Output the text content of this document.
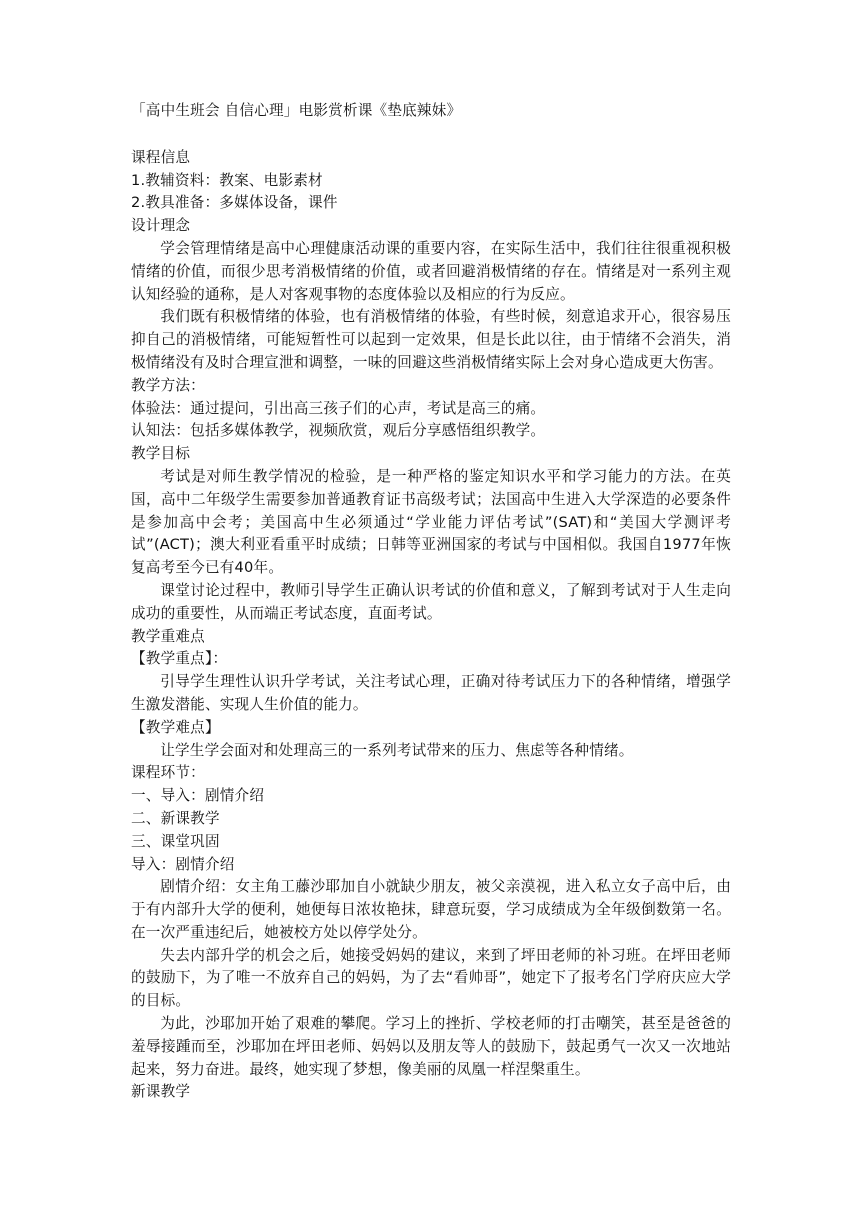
「高中生班会 自信心理」电影赏析课《垫底辣妹》

课程信息

1.教辅资料：教案、电影素材

2.教具准备：多媒体设备，课件

设计理念

学会管理情绪是高中心理健康活动课的重要内容，在实际生活中，我们往往很重视积极情绪的价值，而很少思考消极情绪的价值，或者回避消极情绪的存在。情绪是对一系列主观认知经验的通称，是人对客观事物的态度体验以及相应的行为反应。

我们既有积极情绪的体验，也有消极情绪的体验，有些时候，刻意追求开心，很容易压抑自己的消极情绪，可能短暂性可以起到一定效果，但是长此以往，由于情绪不会消失，消极情绪没有及时合理宣泄和调整，一味的回避这些消极情绪实际上会对身心造成更大伤害。

教学方法：

体验法：通过提问，引出高三孩子们的心声，考试是高三的痛。

认知法：包括多媒体教学，视频欣赏，观后分享感悟组织教学。

教学目标

考试是对师生教学情况的检验，是一种严格的鉴定知识水平和学习能力的方法。在英国，高中二年级学生需要参加普通教育证书高级考试；法国高中生进入大学深造的必要条件是参加高中会考；美国高中生必须通过“学业能力评估考试”(SAT)和“美国大学测评考试”(ACT)；澳大利亚看重平时成绩；日韩等亚洲国家的考试与中国相似。我国自1977年恢复高考至今已有40年。

课堂讨论过程中，教师引导学生正确认识考试的价值和意义，了解到考试对于人生走向成功的重要性，从而端正考试态度，直面考试。

教学重难点

【教学重点】：

引导学生理性认识升学考试，关注考试心理，正确对待考试压力下的各种情绪，增强学生激发潜能、实现人生价值的能力。

【教学难点】

让学生学会面对和处理高三的一系列考试带来的压力、焦虑等各种情绪。

课程环节：

一、导入：剧情介绍

二、新课教学

三、课堂巩固

导入：剧情介绍

剧情介绍：女主角工藤沙耶加自小就缺少朋友，被父亲漠视，进入私立女子高中后，由于有内部升大学的便利，她便每日浓妆艳抹，肆意玩耍，学习成绩成为全年级倒数第一名。在一次严重违纪后，她被校方处以停学处分。

失去内部升学的机会之后，她接受妈妈的建议，来到了坪田老师的补习班。在坪田老师的鼓励下，为了唯一不放弃自己的妈妈，为了去“看帅哥”，她定下了报考名门学府庆应大学的目标。

为此，沙耶加开始了艰难的攀爬。学习上的挫折、学校老师的打击嘲笑，甚至是爸爸的羞辱接踵而至，沙耶加在坪田老师、妈妈以及朋友等人的鼓励下，鼓起勇气一次又一次地站起来，努力奋进。最终，她实现了梦想，像美丽的凤凰一样涅槃重生。

新课教学
